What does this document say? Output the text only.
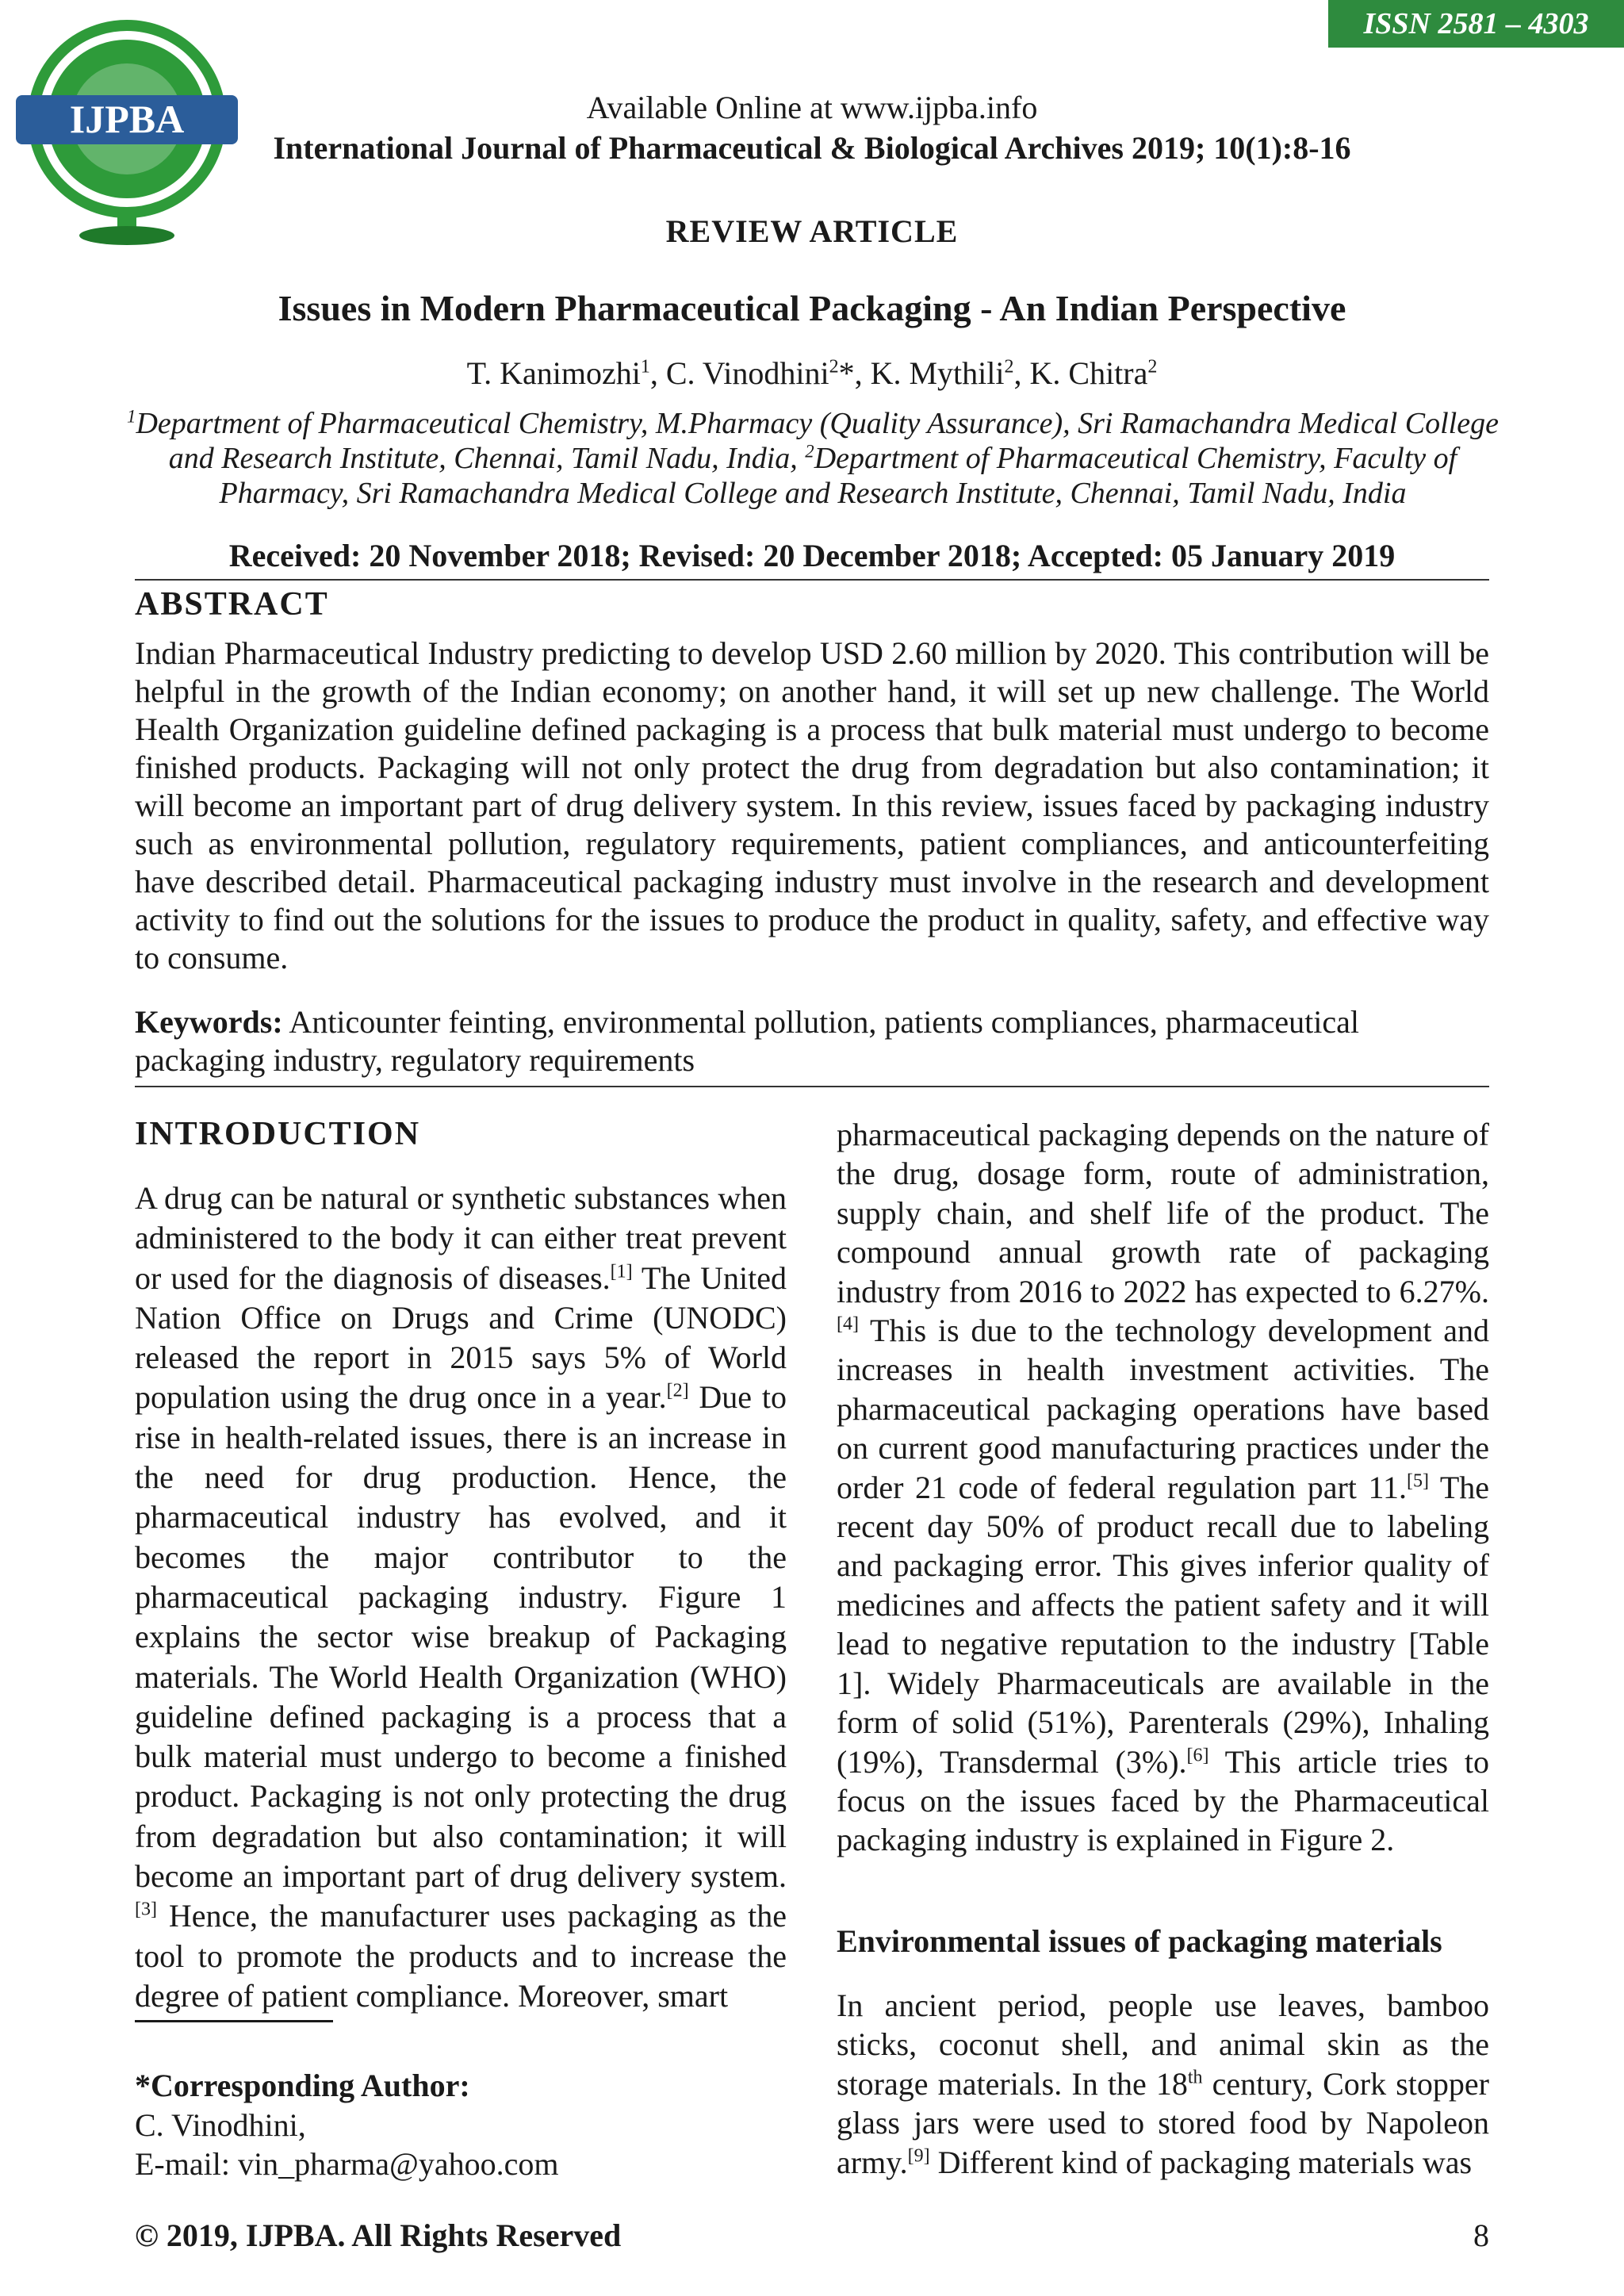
ISSN 2581 – 4303
IJPBA	Available Online at www.ijpba.info
International Journal of Pharmaceutical & Biological Archives 2019; 10(1):8-16
REVIEW ARTICLE
Issues in Modern Pharmaceutical Packaging - An Indian Perspective
T. Kanimozhi$^1$, C. Vinodhini$^2$*, K. Mythili$^2$, K. Chitra$^2$
$^1$Department of Pharmaceutical Chemistry, M.Pharmacy (Quality Assurance), Sri Ramachandra Medical College and Research Institute, Chennai, Tamil Nadu, India, $^2$Department of Pharmaceutical Chemistry, Faculty of Pharmacy, Sri Ramachandra Medical College and Research Institute, Chennai, Tamil Nadu, India
Received: 20 November 2018; Revised: 20 December 2018; Accepted: 05 January 2019
ABSTRACT
Indian Pharmaceutical Industry predicting to develop USD 2.60 million by 2020. This contribution will be helpful in the growth of the Indian economy; on another hand, it will set up new challenge. The World Health Organization guideline defined packaging is a process that bulk material must undergo to become finished products. Packaging will not only protect the drug from degradation but also contamination; it will become an important part of drug delivery system. In this review, issues faced by packaging industry such as environmental pollution, regulatory requirements, patient compliances, and anticounterfeiting have described detail. Pharmaceutical packaging industry must involve in the research and development activity to find out the solutions for the issues to produce the product in quality, safety, and effective way to consume.
Keywords: Anticounter feinting, environmental pollution, patients compliances, pharmaceutical packaging industry, regulatory requirements
INTRODUCTION
A drug can be natural or synthetic substances when administered to the body it can either treat prevent or used for the diagnosis of diseases.[1] The United Nation Office on Drugs and Crime (UNODC) released the report in 2015 says 5% of World population using the drug once in a year.[2] Due to rise in health-related issues, there is an increase in the need for drug production. Hence, the pharmaceutical industry has evolved, and it becomes the major contributor to the pharmaceutical packaging industry. Figure 1 explains the sector wise breakup of Packaging materials. The World Health Organization (WHO) guideline defined packaging is a process that a bulk material must undergo to become a finished product. Packaging is not only protecting the drug from degradation but also contamination; it will become an important part of drug delivery system.[3] Hence, the manufacturer uses packaging as the tool to promote the products and to increase the degree of patient compliance. Moreover, smart
pharmaceutical packaging depends on the nature of the drug, dosage form, route of administration, supply chain, and shelf life of the product. The compound annual growth rate of packaging industry from 2016 to 2022 has expected to 6.27%.[4] This is due to the technology development and increases in health investment activities. The pharmaceutical packaging operations have based on current good manufacturing practices under the order 21 code of federal regulation part 11.[5] The recent day 50% of product recall due to labeling and packaging error. This gives inferior quality of medicines and affects the patient safety and it will lead to negative reputation to the industry [Table 1]. Widely Pharmaceuticals are available in the form of solid (51%), Parenterals (29%), Inhaling (19%), Transdermal (3%).[6] This article tries to focus on the issues faced by the Pharmaceutical packaging industry is explained in Figure 2.
Environmental issues of packaging materials
In ancient period, people use leaves, bamboo sticks, coconut shell, and animal skin as the storage materials. In the 18th century, Cork stopper glass jars were used to stored food by Napoleon army.[9] Different kind of packaging materials was
*Corresponding Author:
C. Vinodhini,
E-mail: vin_pharma@yahoo.com
© 2019, IJPBA. All Rights Reserved	8
